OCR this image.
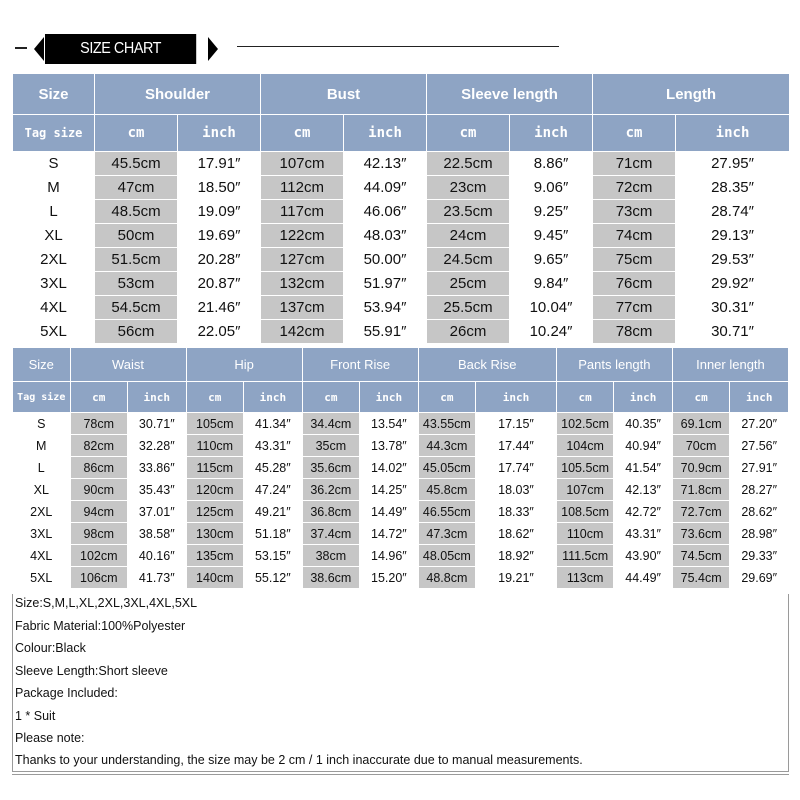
SIZE CHART
Size	Shoulder		Bust		Sleeve length		Length	
Tag size	cm	inch	cm	inch	cm	inch	cm	inch
S	45.5cm	17.91″	107cm	42.13″	22.5cm	8.86″	71cm	27.95″
M	47cm	18.50″	112cm	44.09″	23cm	9.06″	72cm	28.35″
L	48.5cm	19.09″	117cm	46.06″	23.5cm	9.25″	73cm	28.74″
XL	50cm	19.69″	122cm	48.03″	24cm	9.45″	74cm	29.13″
2XL	51.5cm	20.28″	127cm	50.00″	24.5cm	9.65″	75cm	29.53″
3XL	53cm	20.87″	132cm	51.97″	25cm	9.84″	76cm	29.92″
4XL	54.5cm	21.46″	137cm	53.94″	25.5cm	10.04″	77cm	30.31″
5XL	56cm	22.05″	142cm	55.91″	26cm	10.24″	78cm	30.71″
Size	Waist		Hip		Front Rise		Back Rise		Pants length		Inner length	
Tag size	cm	inch	cm	inch	cm	inch	cm	inch	cm	inch	cm	inch
S	78cm	30.71″	105cm	41.34″	34.4cm	13.54″	43.55cm	17.15″	102.5cm	40.35″	69.1cm	27.20″
M	82cm	32.28″	110cm	43.31″	35cm	13.78″	44.3cm	17.44″	104cm	40.94″	70cm	27.56″
L	86cm	33.86″	115cm	45.28″	35.6cm	14.02″	45.05cm	17.74″	105.5cm	41.54″	70.9cm	27.91″
XL	90cm	35.43″	120cm	47.24″	36.2cm	14.25″	45.8cm	18.03″	107cm	42.13″	71.8cm	28.27″
2XL	94cm	37.01″	125cm	49.21″	36.8cm	14.49″	46.55cm	18.33″	108.5cm	42.72″	72.7cm	28.62″
3XL	98cm	38.58″	130cm	51.18″	37.4cm	14.72″	47.3cm	18.62″	110cm	43.31″	73.6cm	28.98″
4XL	102cm	40.16″	135cm	53.15″	38cm	14.96″	48.05cm	18.92″	111.5cm	43.90″	74.5cm	29.33″
5XL	106cm	41.73″	140cm	55.12″	38.6cm	15.20″	48.8cm	19.21″	113cm	44.49″	75.4cm	29.69″
Size:S,M,L,XL,2XL,3XL,4XL,5XL
Fabric Material:100%Polyester
Colour:Black
Sleeve Length:Short sleeve
Package Included:
1 * Suit
Please note:
Thanks to your understanding, the size may be 2 cm / 1 inch inaccurate due to manual measurements.
